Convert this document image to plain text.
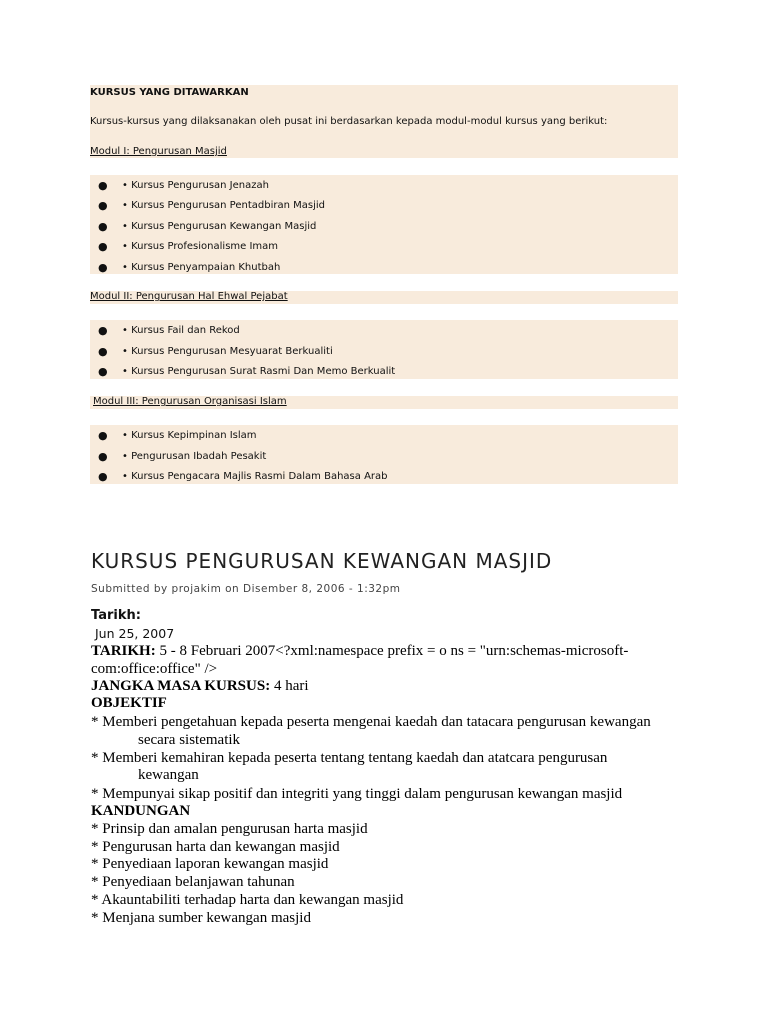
KURSUS YANG DITAWARKAN
Kursus-kursus yang dilaksanakan oleh pusat ini berdasarkan kepada modul-modul kursus yang berikut:
Modul I: Pengurusan Masjid
● • Kursus Pengurusan Jenazah
● • Kursus Pengurusan Pentadbiran Masjid
● • Kursus Pengurusan Kewangan Masjid
● • Kursus Profesionalisme Imam
● • Kursus Penyampaian Khutbah
Modul II: Pengurusan Hal Ehwal Pejabat
● • Kursus Fail dan Rekod
● • Kursus Pengurusan Mesyuarat Berkualiti
● • Kursus Pengurusan Surat Rasmi Dan Memo Berkualit
Modul III: Pengurusan Organisasi Islam
● • Kursus Kepimpinan Islam
● • Pengurusan Ibadah Pesakit
● • Kursus Pengacara Majlis Rasmi Dalam Bahasa Arab
KURSUS PENGURUSAN KEWANGAN MASJID
Submitted by projakim on Disember 8, 2006 - 1:32pm
Tarikh:
Jun 25, 2007
TARIKH: 5 - 8 Februari 2007<?xml:namespace prefix = o ns = "urn:schemas-microsoft-
com:office:office" />
JANGKA MASA KURSUS: 4 hari
OBJEKTIF
* Memberi pengetahuan kepada peserta mengenai kaedah dan tatacara pengurusan kewangan
secara sistematik
* Memberi kemahiran kepada peserta tentang tentang kaedah dan atatcara pengurusan
kewangan
* Mempunyai sikap positif dan integriti yang tinggi dalam pengurusan kewangan masjid
KANDUNGAN
* Prinsip dan amalan pengurusan harta masjid
* Pengurusan harta dan kewangan masjid
* Penyediaan laporan kewangan masjid
* Penyediaan belanjawan tahunan
* Akauntabiliti terhadap harta dan kewangan masjid
* Menjana sumber kewangan masjid
